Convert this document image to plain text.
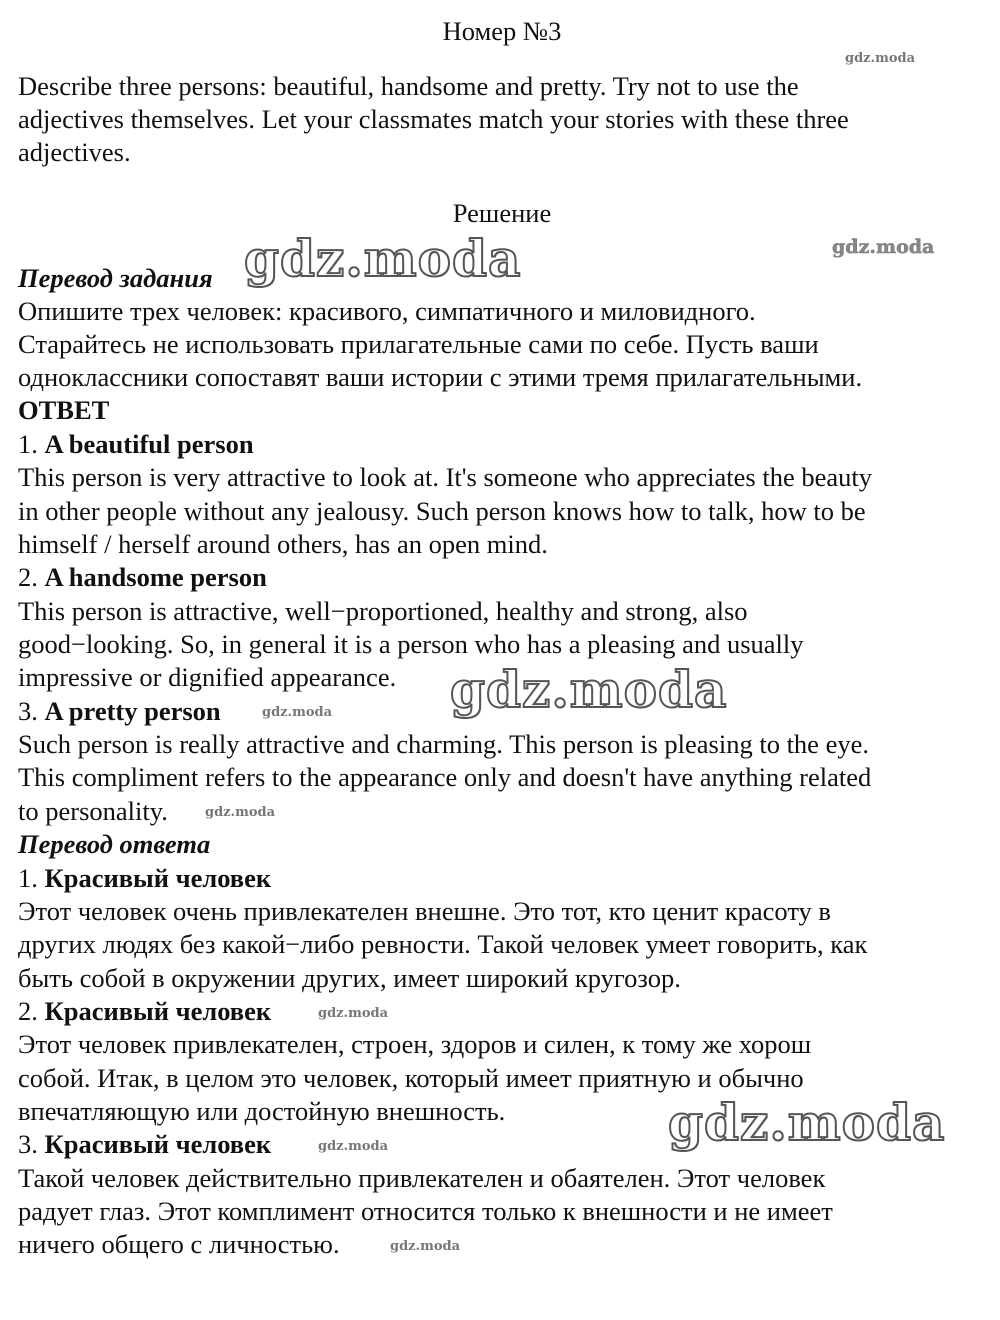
Номер №3
Describe three persons: beautiful, handsome and pretty. Try not to use the
adjectives themselves. Let your classmates match your stories with these three
adjectives.
Решение
Перевод задания
Опишите трех человек: красивого, симпатичного и миловидного.
Старайтесь не использовать прилагательные сами по себе. Пусть ваши
одноклассники сопоставят ваши истории с этими тремя прилагательными.
ОТВЕТ
1. A beautiful person
This person is very attractive to look at. It's someone who appreciates the beauty
in other people without any jealousy. Such person knows how to talk, how to be
himself / herself around others, has an open mind.
2. A handsome person
This person is attractive, well−proportioned, healthy and strong, also
good−looking. So, in general it is a person who has a pleasing and usually
impressive or dignified appearance.
3. A pretty person
Such person is really attractive and charming. This person is pleasing to the eye.
This compliment refers to the appearance only and doesn't have anything related
to personality.
Перевод ответа
1. Красивый человек
Этот человек очень привлекателен внешне. Это тот, кто ценит красоту в
других людях без какой−либо ревности. Такой человек умеет говорить, как
быть собой в окружении других, имеет широкий кругозор.
2. Красивый человек
Этот человек привлекателен, строен, здоров и силен, к тому же хорош
собой. Итак, в целом это человек, который имеет приятную и обычно
впечатляющую или достойную внешность.
3. Красивый человек
Такой человек действительно привлекателен и обаятелен. Этот человек
радует глаз. Этот комплимент относится только к внешности и не имеет
ничего общего с личностью.
gdz.moda
gdz.moda
gdz.moda
gdz.moda
gdz.moda
gdz.moda
gdz.moda
gdz.moda
gdz.moda
gdz.moda
